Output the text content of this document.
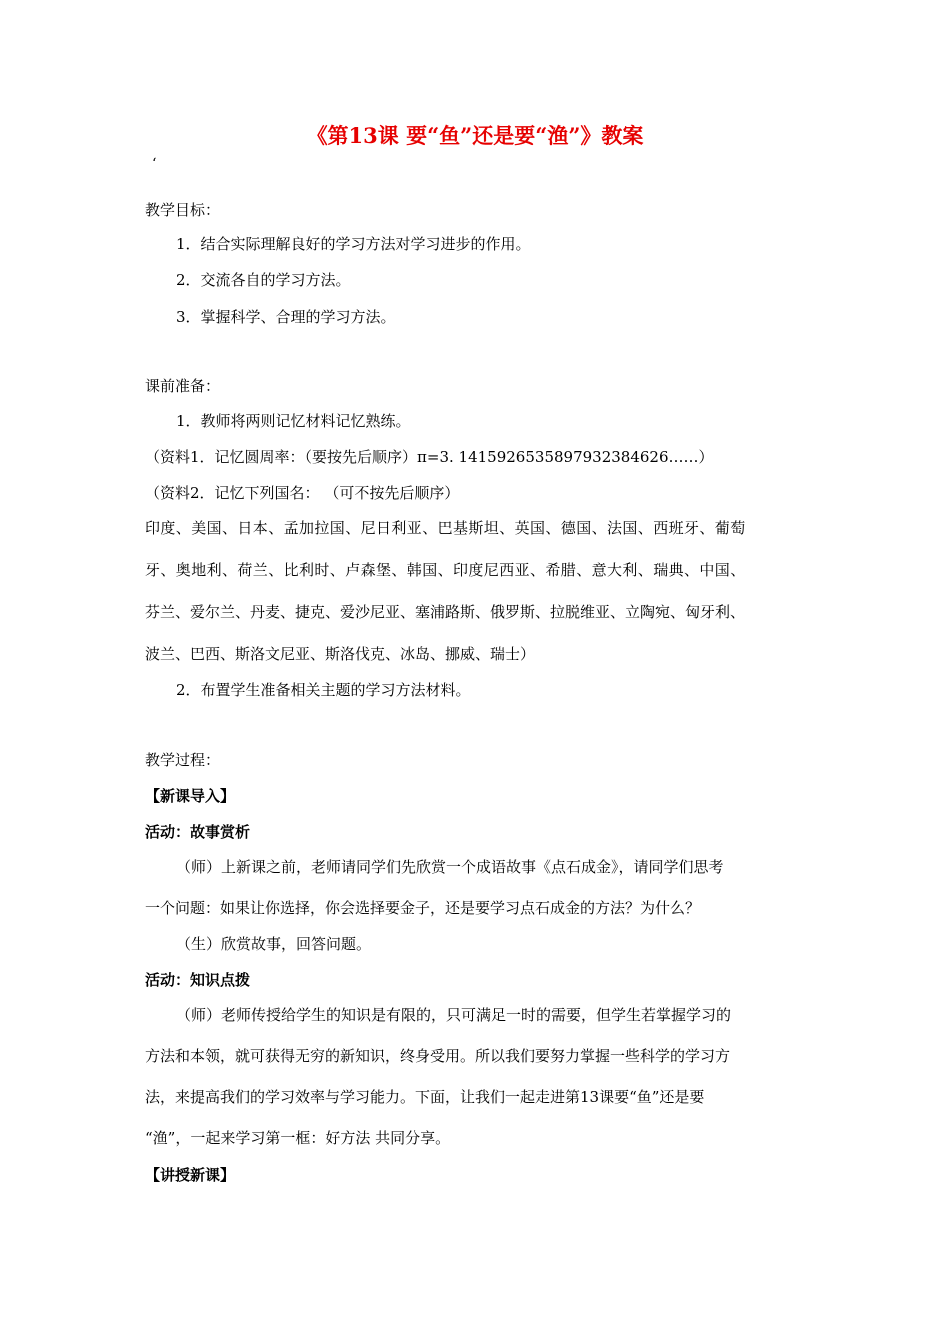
《第13课 要“鱼”还是要“渔”》教案
‘
教学目标：
1．结合实际理解良好的学习方法对学习进步的作用。
2．交流各自的学习方法。
3．掌握科学、合理的学习方法。
课前准备：
1．教师将两则记忆材料记忆熟练。
（资料1．记忆圆周率：（要按先后顺序）π=3. 1415926535897932384626……）
（资料2．记忆下列国名： （可不按先后顺序）
印度、美国、日本、孟加拉国、尼日利亚、巴基斯坦、英国、德国、法国、西班牙、葡萄
牙、奥地利、荷兰、比利时、卢森堡、韩国、印度尼西亚、希腊、意大利、瑞典、中国、
芬兰、爱尔兰、丹麦、捷克、爱沙尼亚、塞浦路斯、俄罗斯、拉脱维亚、立陶宛、匈牙利、
波兰、巴西、斯洛文尼亚、斯洛伐克、冰岛、挪威、瑞士）
2．布置学生准备相关主题的学习方法材料。
教学过程：
【新课导入】
活动：故事赏析
（师）上新课之前，老师请同学们先欣赏一个成语故事《点石成金》，请同学们思考
一个问题：如果让你选择，你会选择要金子，还是要学习点石成金的方法？为什么？
（生）欣赏故事，回答问题。
活动：知识点拨
（师）老师传授给学生的知识是有限的，只可满足一时的需要，但学生若掌握学习的
方法和本领，就可获得无穷的新知识，终身受用。所以我们要努力掌握一些科学的学习方
法，来提高我们的学习效率与学习能力。下面，让我们一起走进第13课要“鱼”还是要
“渔”，一起来学习第一框：好方法 共同分享。
【讲授新课】
